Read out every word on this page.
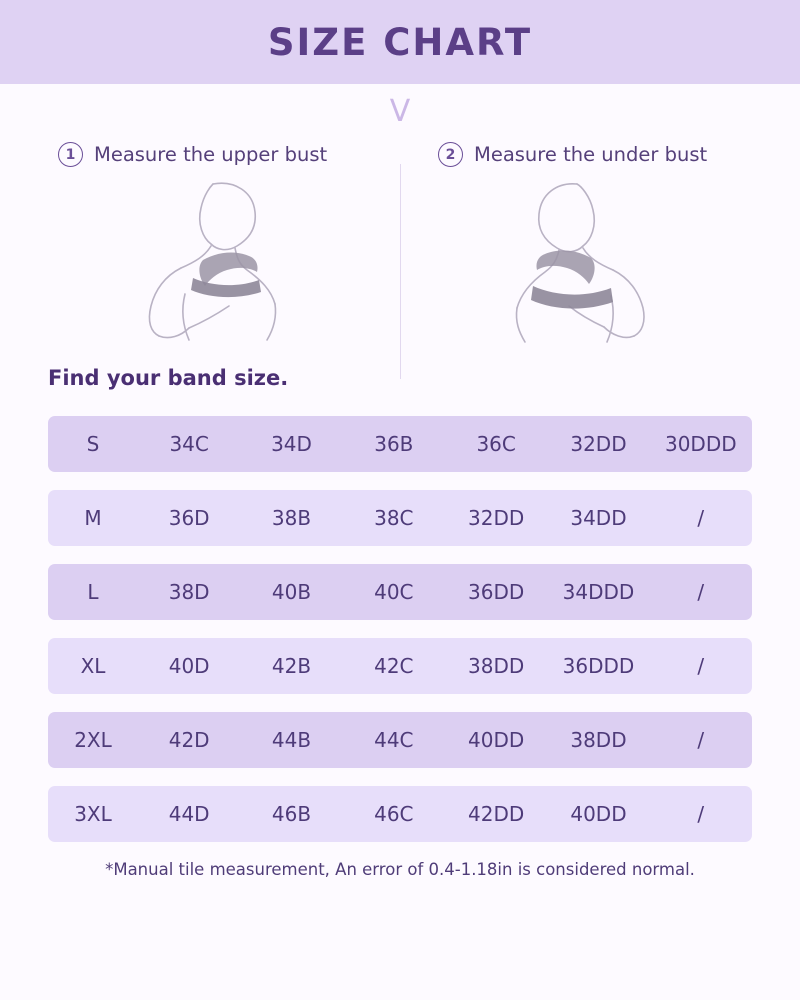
SIZE CHART
V
1 Measure the upper bust	2 Measure the under bust
Find your band size.
S	34C	34D	36B	36C	32DD	30DDD
M	36D	38B	38C	32DD	34DD	/
L	38D	40B	40C	36DD	34DDD	/
XL	40D	42B	42C	38DD	36DDD	/
2XL	42D	44B	44C	40DD	38DD	/
3XL	44D	46B	46C	42DD	40DD	/
*Manual tile measurement, An error of 0.4-1.18in is considered normal.
